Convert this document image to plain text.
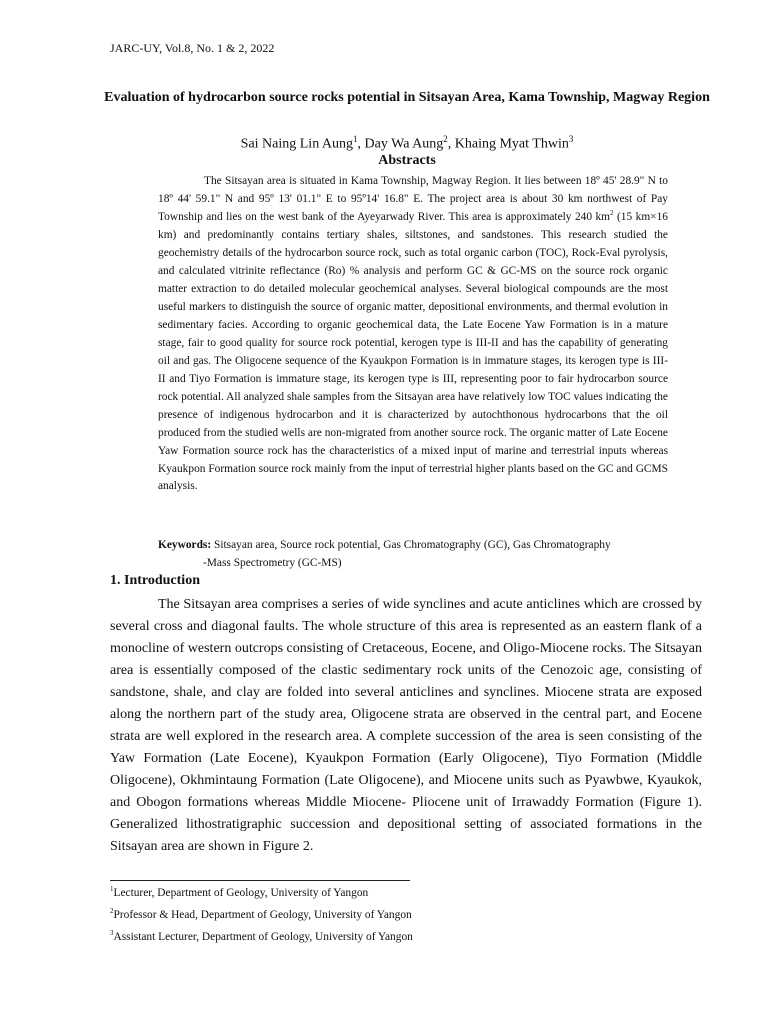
JARC-UY, Vol.8, No. 1 & 2, 2022
Evaluation of hydrocarbon source rocks potential in Sitsayan Area, Kama Township, Magway Region
Sai Naing Lin Aung$^1$, Day Wa Aung$^2$, Khaing Myat Thwin$^3$
Abstracts

The Sitsayan area is situated in Kama Township, Magway Region. It lies between 18º 45' 28.9" N to 18º 44' 59.1" N and 95º 13' 01.1" E to 95º14' 16.8" E. The project area is about 30 km northwest of Pay Township and lies on the west bank of the Ayeyarwady River. This area is approximately 240 $km^2$ (15 km×16 km) and predominantly contains tertiary shales, siltstones, and sandstones. This research studied the geochemistry details of the hydrocarbon source rock, such as total organic carbon (TOC), Rock-Eval pyrolysis, and calculated vitrinite reflectance (Ro) % analysis and perform GC & GC-MS on the source rock organic matter extraction to do detailed molecular geochemical analyses. Several biological compounds are the most useful markers to distinguish the source of organic matter, depositional environments, and thermal evolution in sedimentary facies. According to organic geochemical data, the Late Eocene Yaw Formation is in a mature stage, fair to good quality for source rock potential, kerogen type is III-II and has the capability of generating oil and gas. The Oligocene sequence of the Kyaukpon Formation is in immature stages, its kerogen type is III-II and Tiyo Formation is immature stage, its kerogen type is III, representing poor to fair hydrocarbon source rock potential. All analyzed shale samples from the Sitsayan area have relatively low TOC values indicating the presence of indigenous hydrocarbon and it is characterized by autochthonous hydrocarbons that the oil produced from the studied wells are non-migrated from another source rock. The organic matter of Late Eocene Yaw Formation source rock has the characteristics of a mixed input of marine and terrestrial inputs whereas Kyaukpon Formation source rock mainly from the input of terrestrial higher plants based on the GC and GCMS analysis.

Keywords: Sitsayan area, Source rock potential, Gas Chromatography (GC), Gas Chromatography
-Mass Spectrometry (GC-MS)
1. Introduction

The Sitsayan area comprises a series of wide synclines and acute anticlines which are crossed by several cross and diagonal faults. The whole structure of this area is represented as an eastern flank of a monocline of western outcrops consisting of Cretaceous, Eocene, and Oligo-Miocene rocks. The Sitsayan area is essentially composed of the clastic sedimentary rock units of the Cenozoic age, consisting of sandstone, shale, and clay are folded into several anticlines and synclines. Miocene strata are exposed along the northern part of the study area, Oligocene strata are observed in the central part, and Eocene strata are well explored in the research area. A complete succession of the area is seen consisting of the Yaw Formation (Late Eocene), Kyaukpon Formation (Early Oligocene), Tiyo Formation (Middle Oligocene), Okhmintaung Formation (Late Oligocene), and Miocene units such as Pyawbwe, Kyaukok, and Obogon formations whereas Middle Miocene- Pliocene unit of Irrawaddy Formation (Figure 1). Generalized lithostratigraphic succession and depositional setting of associated formations in the Sitsayan area are shown in Figure 2.

$^1$Lecturer, Department of Geology, University of Yangon
$^2$Professor & Head, Department of Geology, University of Yangon
$^3$Assistant Lecturer, Department of Geology, University of Yangon
